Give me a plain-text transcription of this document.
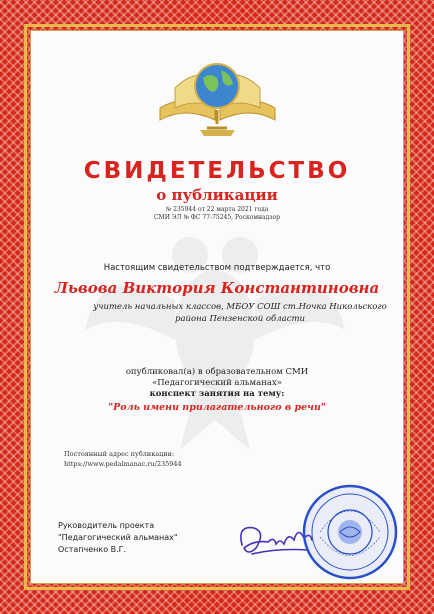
СВИДЕТЕЛЬСТВО
о публикации
№ 235944 от 22 марта 2021 года
СМИ ЭЛ № ФС 77-75245, Роскомнадзор
Настоящим свидетельством подтверждается, что
Львова Виктория Константиновна
учитель начальных классов, МБОУ СОШ ст.Ночка Никольского района Пензенской области
опубликовал(а) в образовательном СМИ
«Педагогический альманах»
конспект занятия на тему:
"Роль имени прилагательного в речи"
Постоянный адрес публикации:
https://www.pedalmanac.ru/235944
Руководитель проекта
"Педагогический альманах"
Остапченко В.Г.
